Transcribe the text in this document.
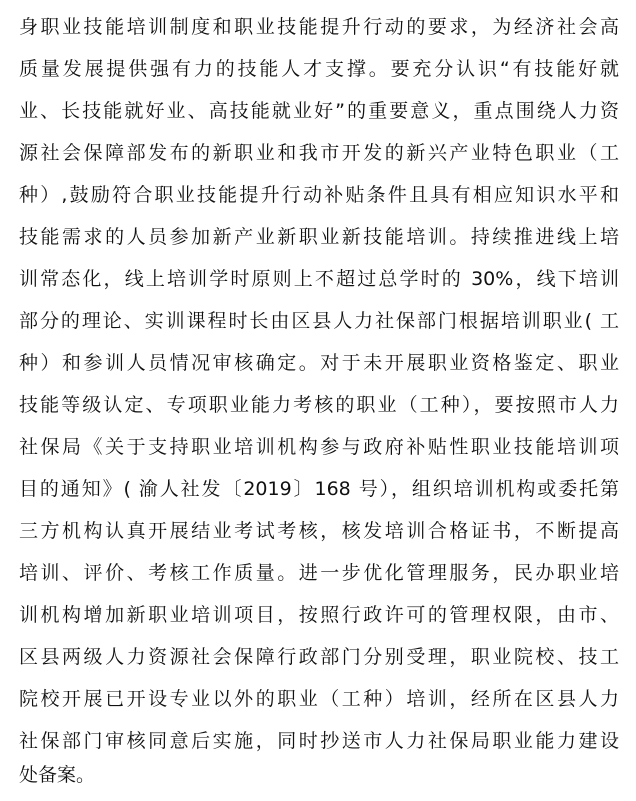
身职业技能培训制度和职业技能提升行动的要求，为经济社会高
质量发展提供强有力的技能人才支撑。要充分认识“有技能好就
业、长技能就好业、高技能就业好”的重要意义，重点围绕人力资
源社会保障部发布的新职业和我市开发的新兴产业特色职业（工
种）,鼓励符合职业技能提升行动补贴条件且具有相应知识水平和
技能需求的人员参加新产业新职业新技能培训。持续推进线上培
训常态化，线上培训学时原则上不超过总学时的 30%，线下培训
部分的理论、实训课程时长由区县人力社保部门根据培训职业( 工
种）和参训人员情况审核确定。对于未开展职业资格鉴定、职业
技能等级认定、专项职业能力考核的职业（工种），要按照市人力
社保局《关于支持职业培训机构参与政府补贴性职业技能培训项
目的通知》( 渝人社发〔2019〕168 号），组织培训机构或委托第
三方机构认真开展结业考试考核，核发培训合格证书，不断提高
培训、评价、考核工作质量。进一步优化管理服务，民办职业培
训机构增加新职业培训项目，按照行政许可的管理权限，由市、
区县两级人力资源社会保障行政部门分别受理，职业院校、技工
院校开展已开设专业以外的职业（工种）培训，经所在区县人力
社保部门审核同意后实施，同时抄送市人力社保局职业能力建设
处备案。
